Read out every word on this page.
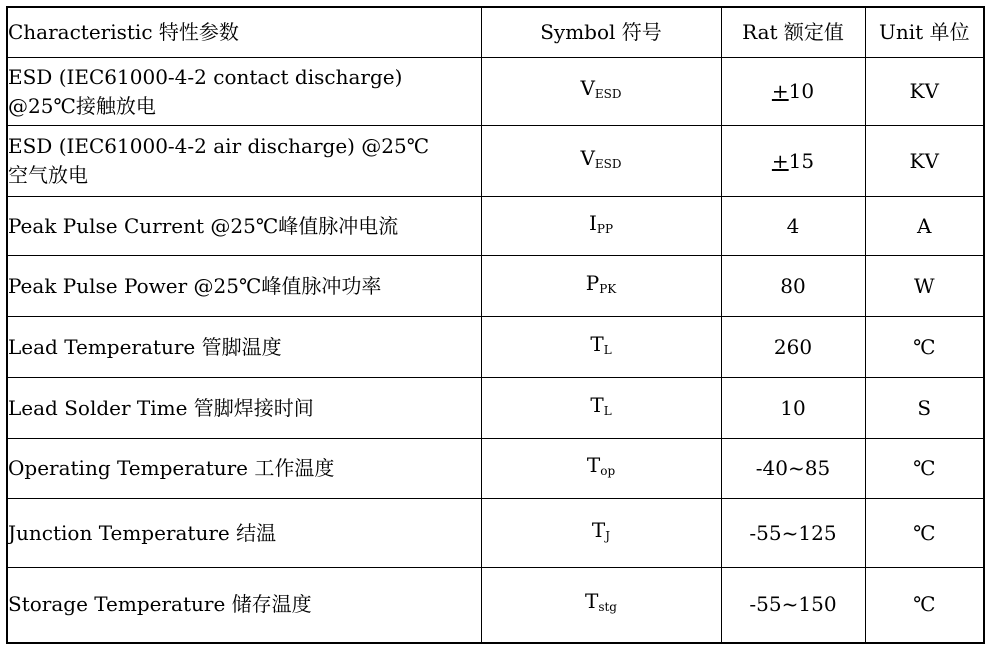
Characteristic 特性参数	Symbol 符号	Rat 额定值	Unit 单位

ESD (IEC61000-4-2 contact discharge)
@25℃接触放电	$V_{ESD}$	+10	KV

ESD (IEC61000-4-2 air discharge) @25℃
空气放电	$V_{ESD}$	+15	KV

Peak Pulse Current @25℃峰值脉冲电流	$I_{PP}$	4	A

Peak Pulse Power @25℃峰值脉冲功率	$P_{PK}$	80	W

Lead Temperature 管脚温度	$T_L$	260	℃

Lead Solder Time 管脚焊接时间	$T_L$	10	S

Operating Temperature 工作温度	$T_{op}$	-40~85	℃

Junction Temperature 结温	$T_J$	-55~125	℃

Storage Temperature 储存温度	$T_{stg}$	-55~150	℃
